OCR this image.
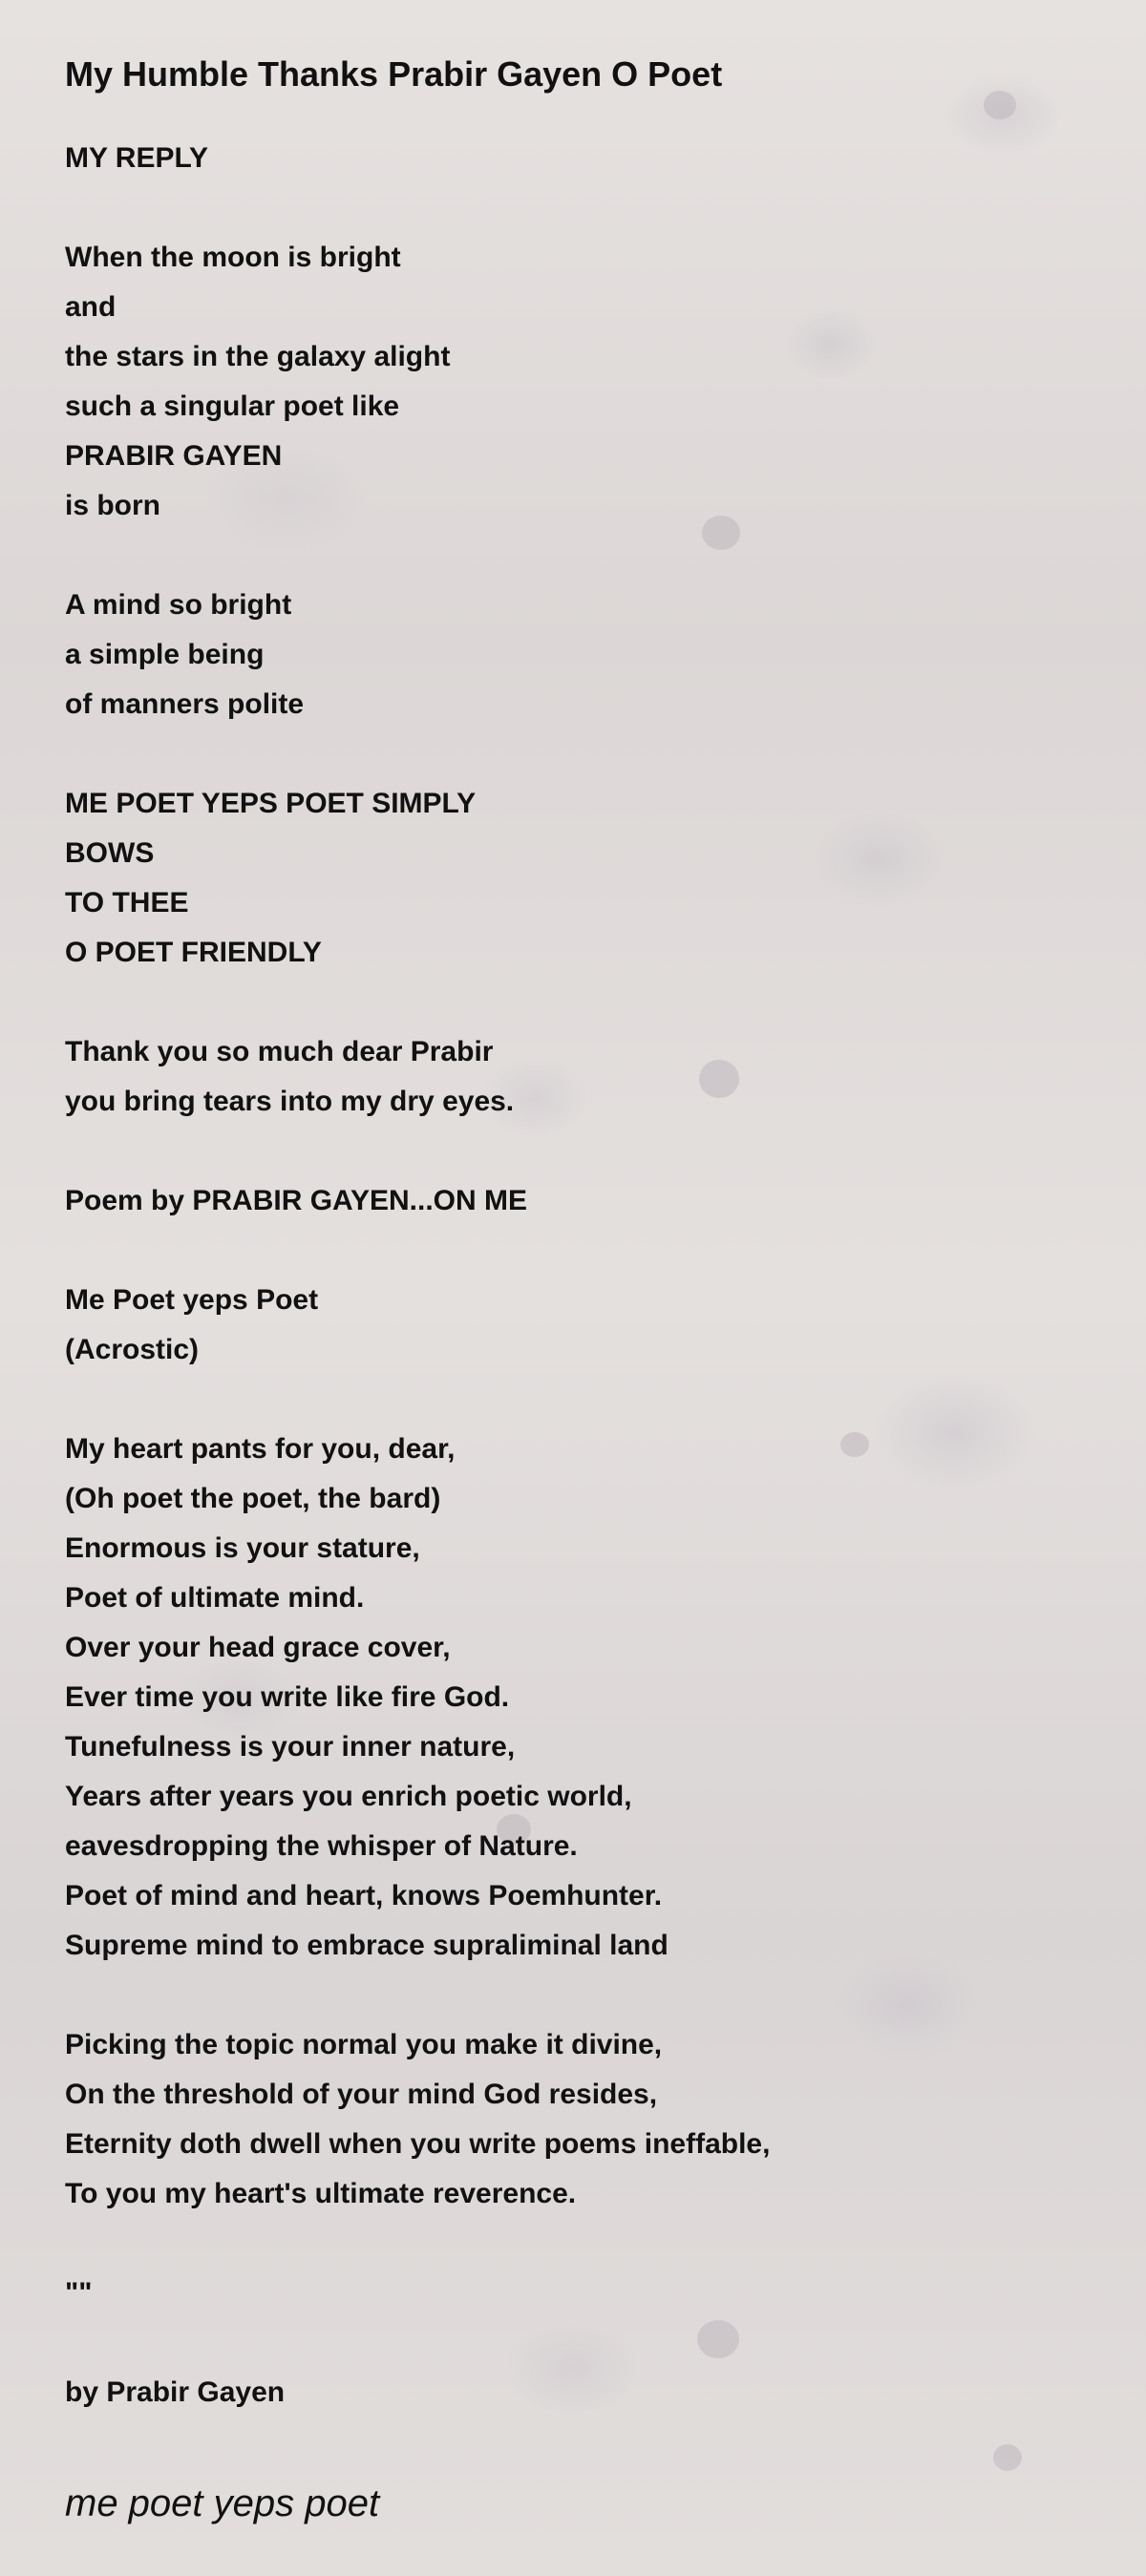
My Humble Thanks Prabir Gayen O Poet
MY REPLY
When the moon is bright
and
the stars in the galaxy alight
such a singular poet like
PRABIR GAYEN
is born
A mind so bright
a simple being
of manners polite
ME POET YEPS POET SIMPLY
BOWS
TO THEE
O POET FRIENDLY
Thank you so much dear Prabir
you bring tears into my dry eyes.
Poem by PRABIR GAYEN...ON ME
Me Poet yeps Poet
(Acrostic)
My heart pants for you, dear,
(Oh poet the poet, the bard)
Enormous is your stature,
Poet of ultimate mind.
Over your head grace cover,
Ever time you write like fire God.
Tunefulness is your inner nature,
Years after years you enrich poetic world,
eavesdropping the whisper of Nature.
Poet of mind and heart, knows Poemhunter.
Supreme mind to embrace supraliminal land
Picking the topic normal you make it divine,
On the threshold of your mind God resides,
Eternity doth dwell when you write poems ineffable,
To you my heart's ultimate reverence.
""
by Prabir Gayen
me poet yeps poet
